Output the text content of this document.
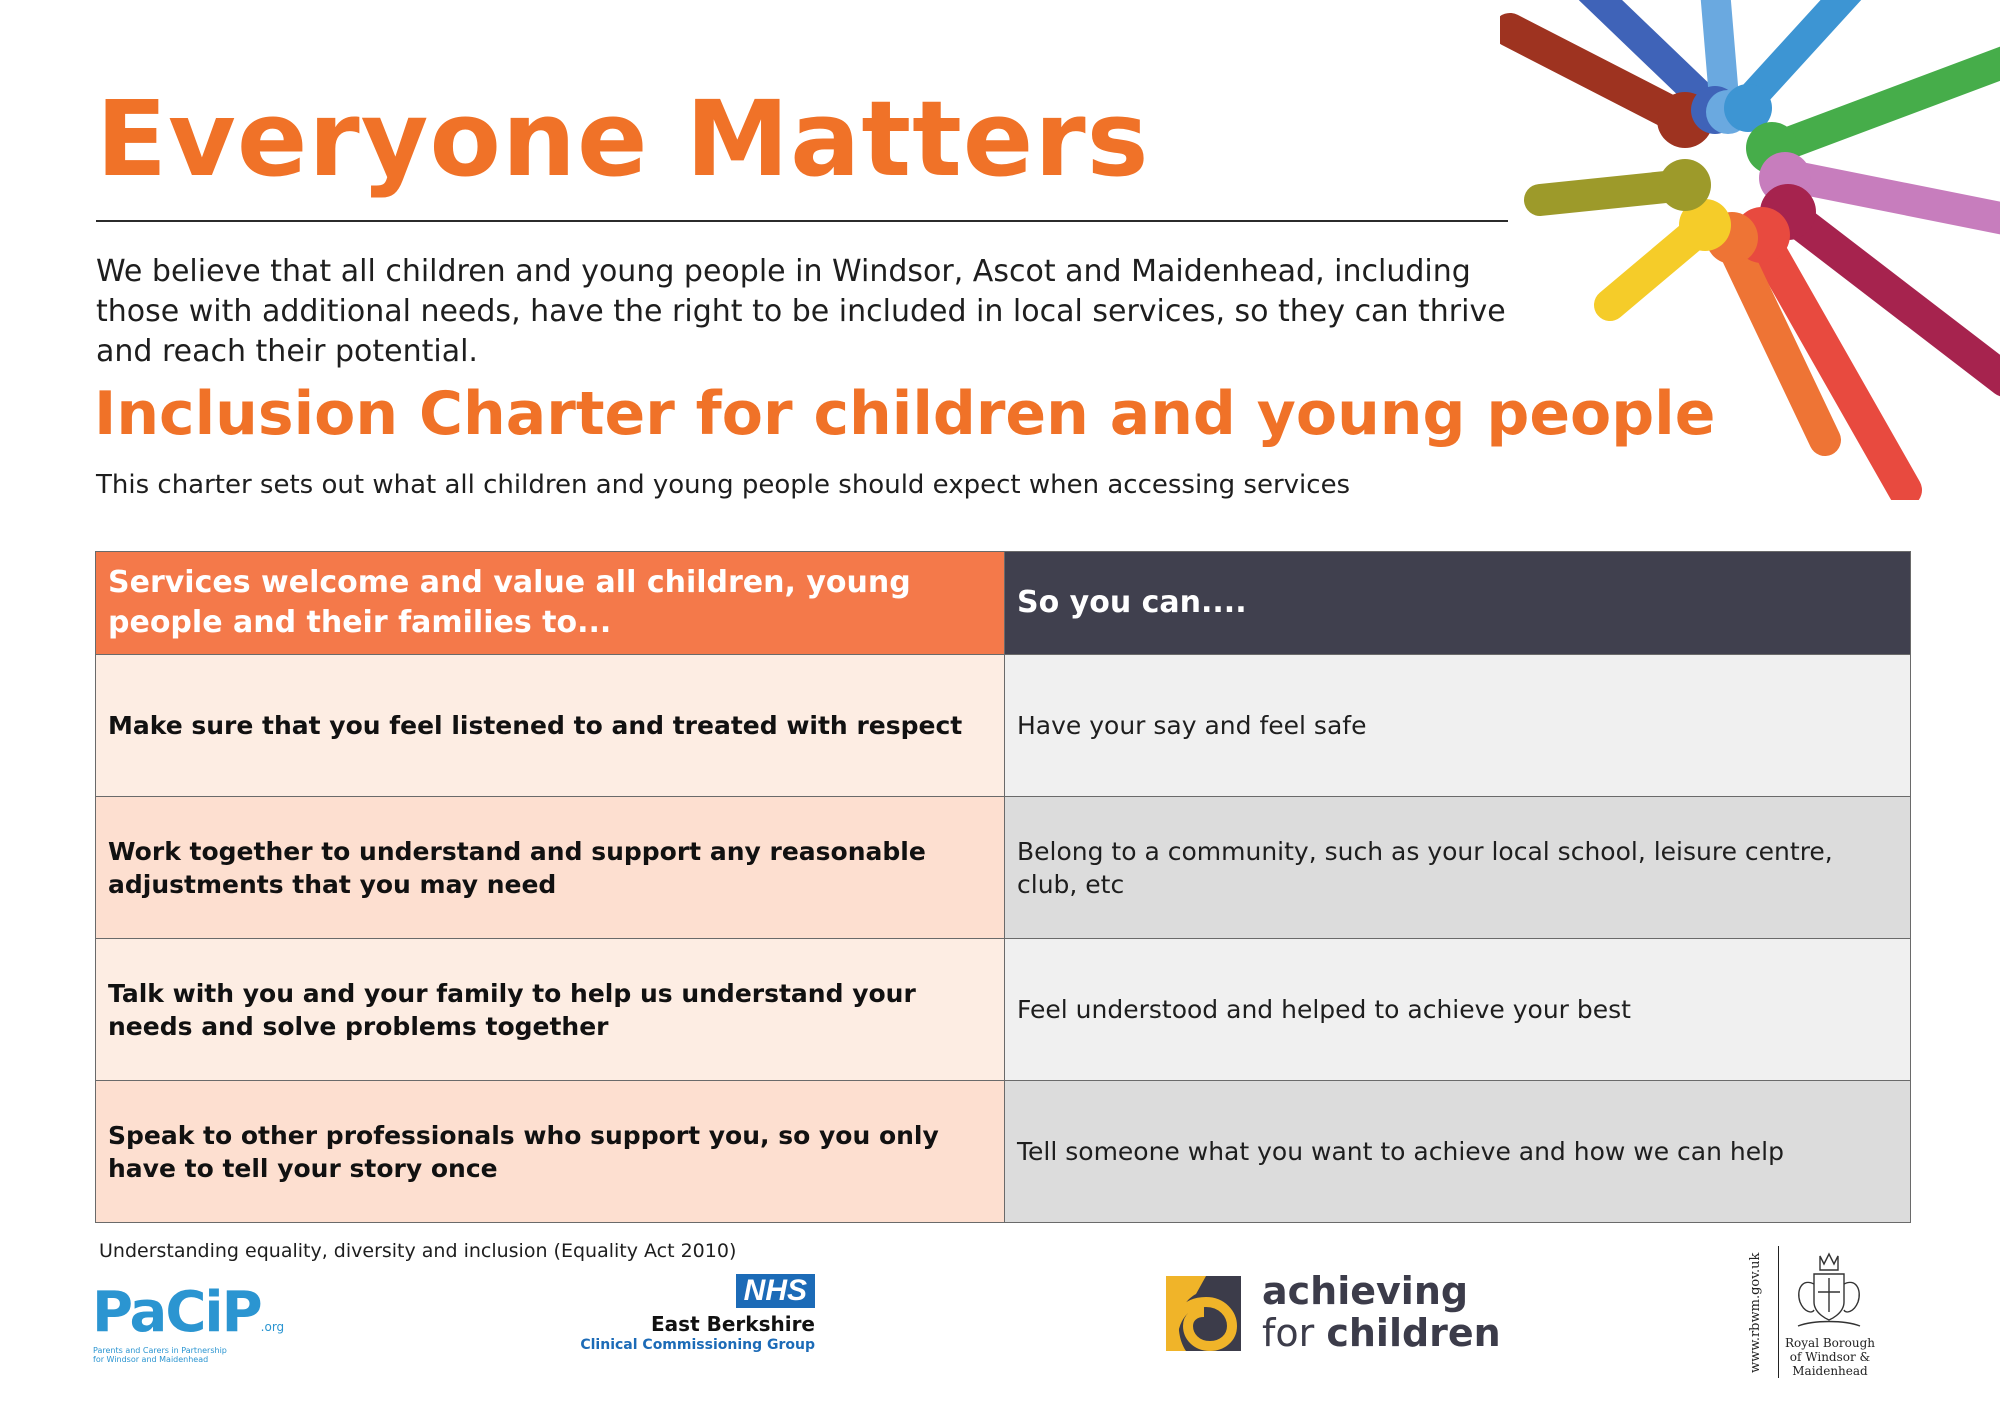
Everyone Matters

We believe that all children and young people in Windsor, Ascot and Maidenhead, including those with additional needs, have the right to be included in local services, so they can thrive and reach their potential.

Inclusion Charter for children and young people

This charter sets out what all children and young people should expect when accessing services

Services welcome and value all children, young people and their families to...	So you can....
Make sure that you feel listened to and treated with respect	Have your say and feel safe
Work together to understand and support any reasonable adjustments that you may need	Belong to a community, such as your local school, leisure centre, club, etc
Talk with you and your family to help us understand your needs and solve problems together	Feel understood and helped to achieve your best
Speak to other professionals who support you, so you only have to tell your story once	Tell someone what you want to achieve and how we can help

Understanding equality, diversity and inclusion (Equality Act 2010)

PaCiP.org
Parents and Carers in Partnership for Windsor and Maidenhead
NHS
East Berkshire
Clinical Commissioning Group
achieving
for children	www.rbwm.gov.uk	Royal Borough of Windsor & Maidenhead
